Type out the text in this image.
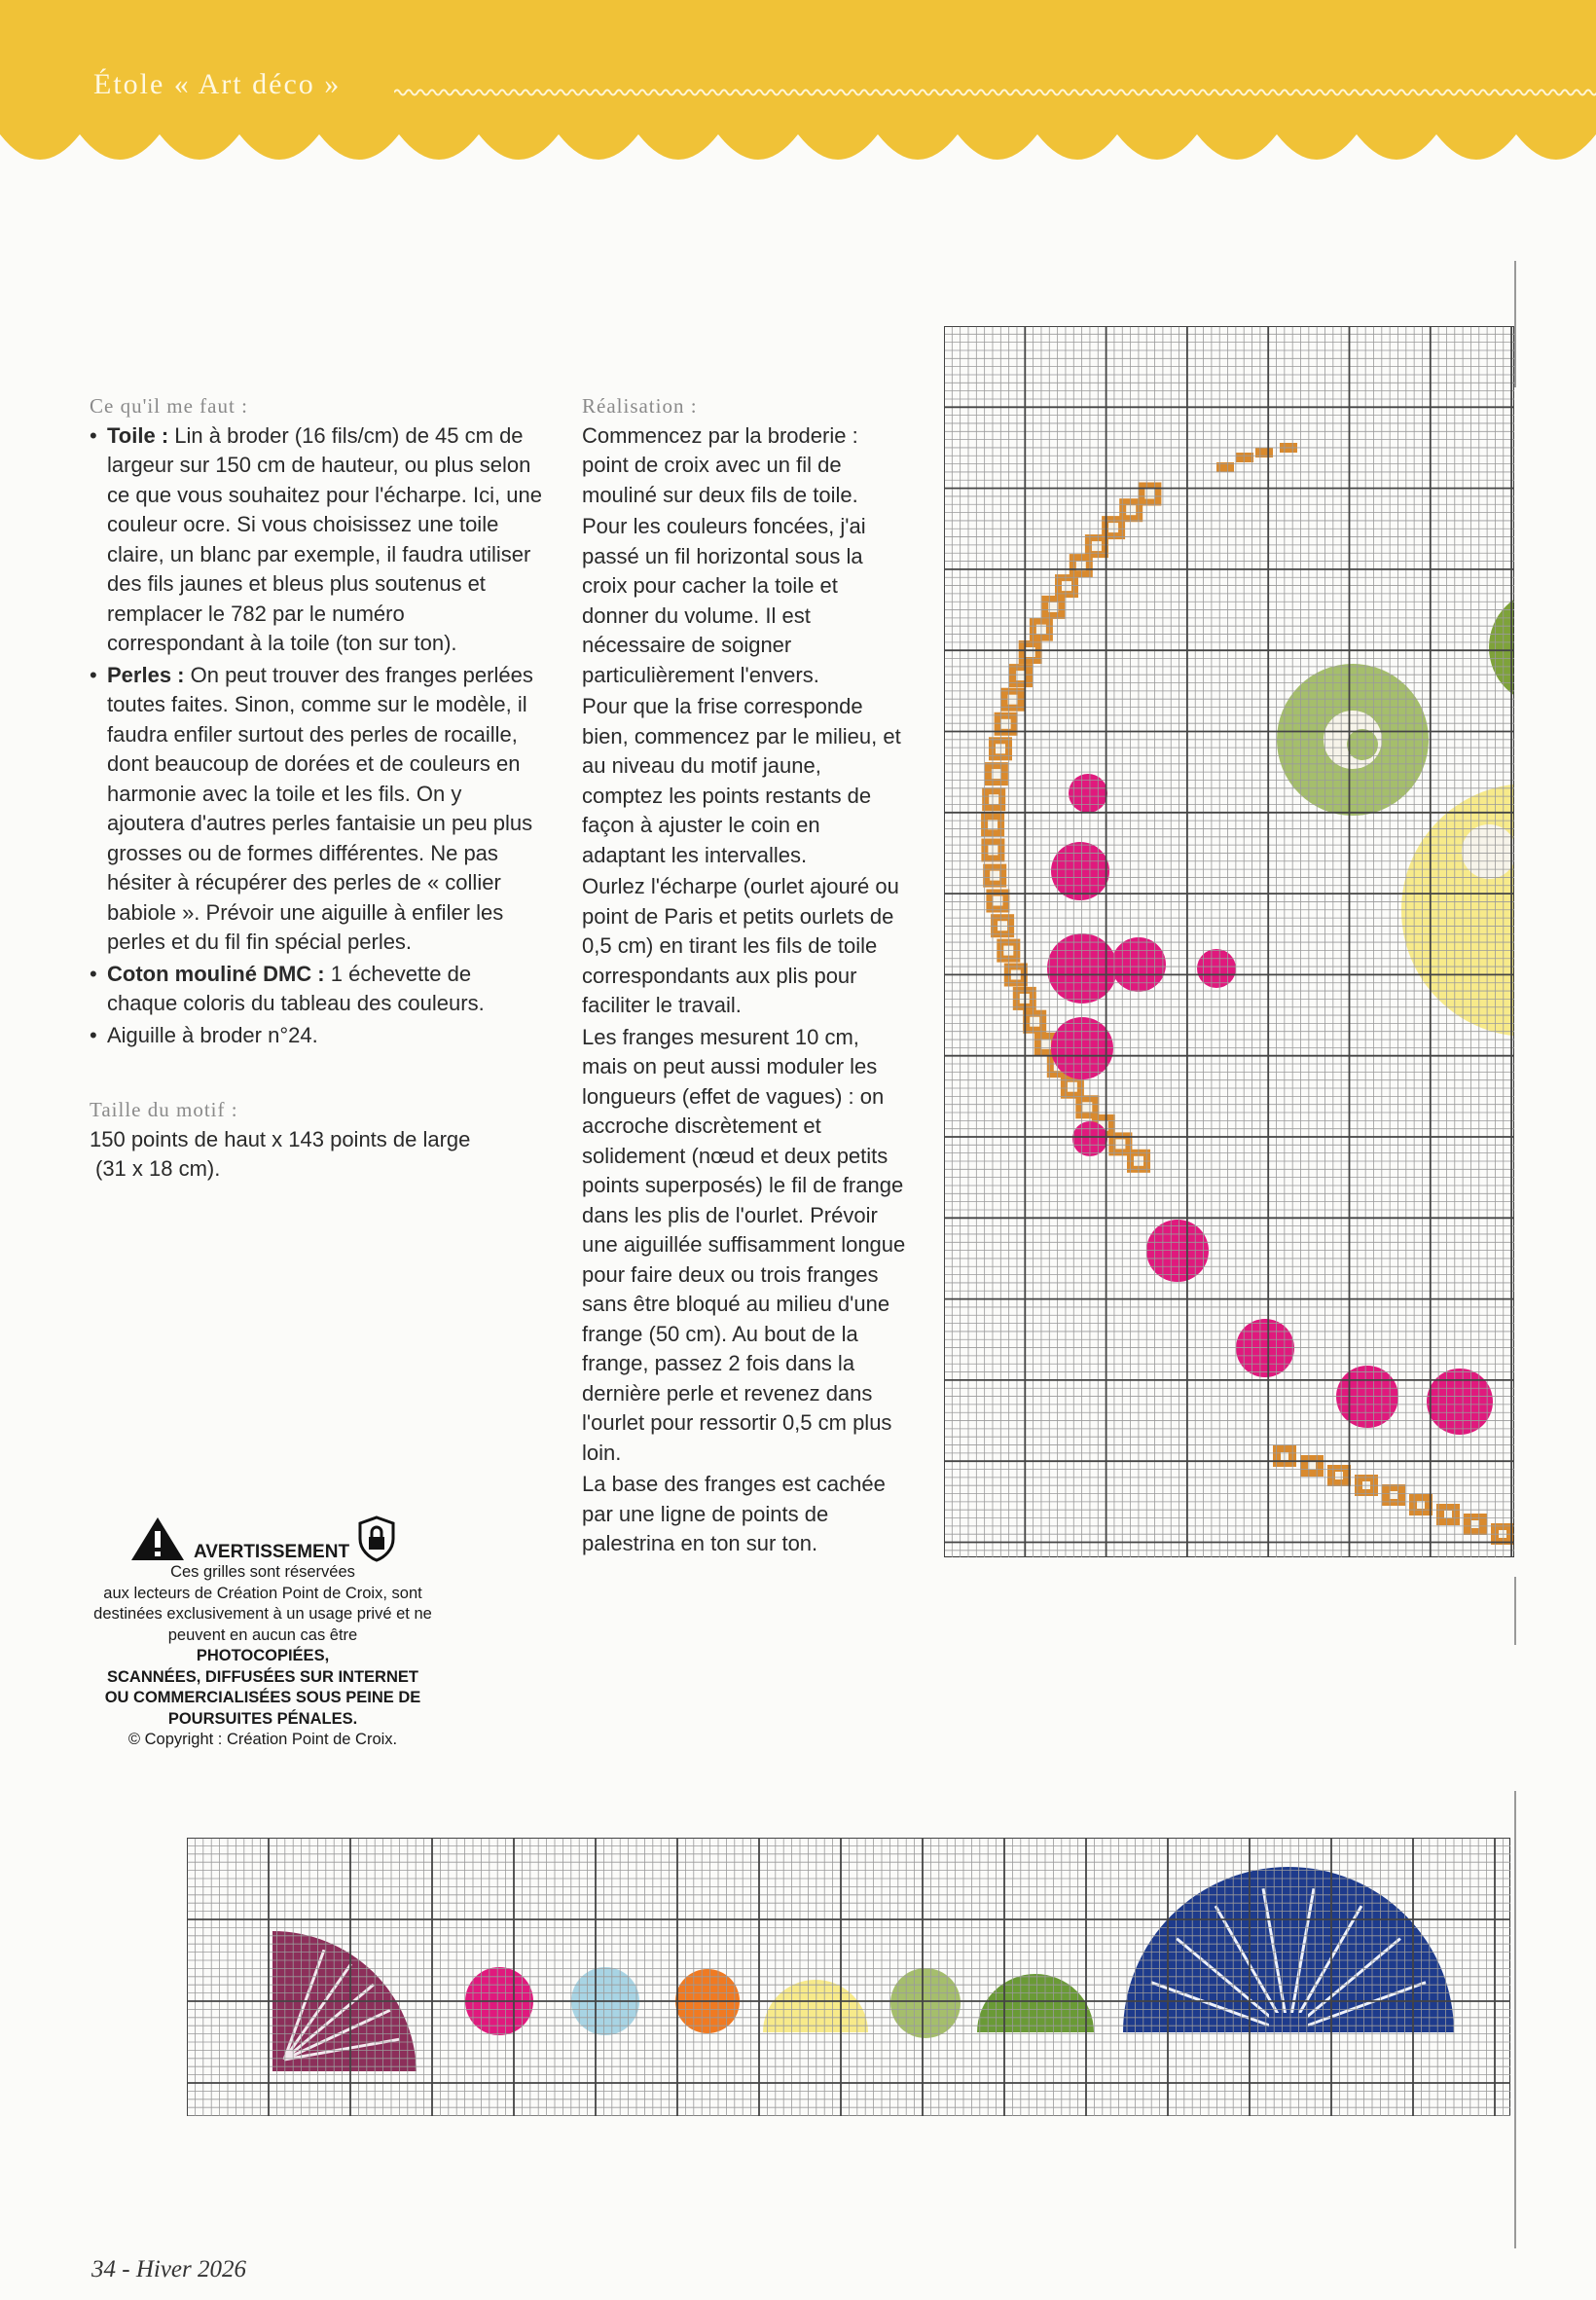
Étole « Art déco »
Ce qu'il me faut :
• Toile : Lin à broder (16 fils/cm) de 45 cm de largeur sur 150 cm de hauteur, ou plus selon ce que vous souhaitez pour l'écharpe. Ici, une couleur ocre. Si vous choisissez une toile claire, un blanc par exemple, il faudra utiliser des fils jaunes et bleus plus soutenus et remplacer le 782 par le numéro correspondant à la toile (ton sur ton).
• Perles : On peut trouver des franges perlées toutes faites. Sinon, comme sur le modèle, il faudra enfiler surtout des perles de rocaille, dont beaucoup de dorées et de couleurs en harmonie avec la toile et les fils. On y ajoutera d'autres perles fantaisie un peu plus grosses ou de formes différentes. Ne pas hésiter à récupérer des perles de « collier babiole ». Prévoir une aiguille à enfiler les perles et du fil fin spécial perles.
• Coton mouliné DMC : 1 échevette de chaque coloris du tableau des couleurs.
• Aiguille à broder n°24.
Taille du motif :
150 points de haut x 143 points de large
(31 x 18 cm).
Réalisation :
Commencez par la broderie : point de croix avec un fil de mouliné sur deux fils de toile.
Pour les couleurs foncées, j'ai passé un fil horizontal sous la croix pour cacher la toile et donner du volume. Il est nécessaire de soigner particulièrement l'envers.
Pour que la frise corresponde bien, commencez par le milieu, et au niveau du motif jaune, comptez les points restants de façon à ajuster le coin en adaptant les intervalles.
Ourlez l'écharpe (ourlet ajouré ou point de Paris et petits ourlets de 0,5 cm) en tirant les fils de toile correspondants aux plis pour faciliter le travail.
Les franges mesurent 10 cm, mais on peut aussi moduler les longueurs (effet de vagues) : on accroche discrètement et solidement (nœud et deux petits points superposés) le fil de frange dans les plis de l'ourlet. Prévoir une aiguillée suffisamment longue pour faire deux ou trois franges sans être bloqué au milieu d'une frange (50 cm). Au bout de la frange, passez 2 fois dans la dernière perle et revenez dans l'ourlet pour ressortir 0,5 cm plus loin.
La base des franges est cachée par une ligne de points de palestrina en ton sur ton.
AVERTISSEMENT
Ces grilles sont réservées
aux lecteurs de Création Point de Croix, sont
destinées exclusivement à un usage privé et ne
peuvent en aucun cas être
PHOTOCOPIÉES,
SCANNÉES, DIFFUSÉES SUR INTERNET
OU COMMERCIALISÉES SOUS PEINE DE
POURSUITES PÉNALES.
© Copyright : Création Point de Croix.
34 - Hiver 2026
